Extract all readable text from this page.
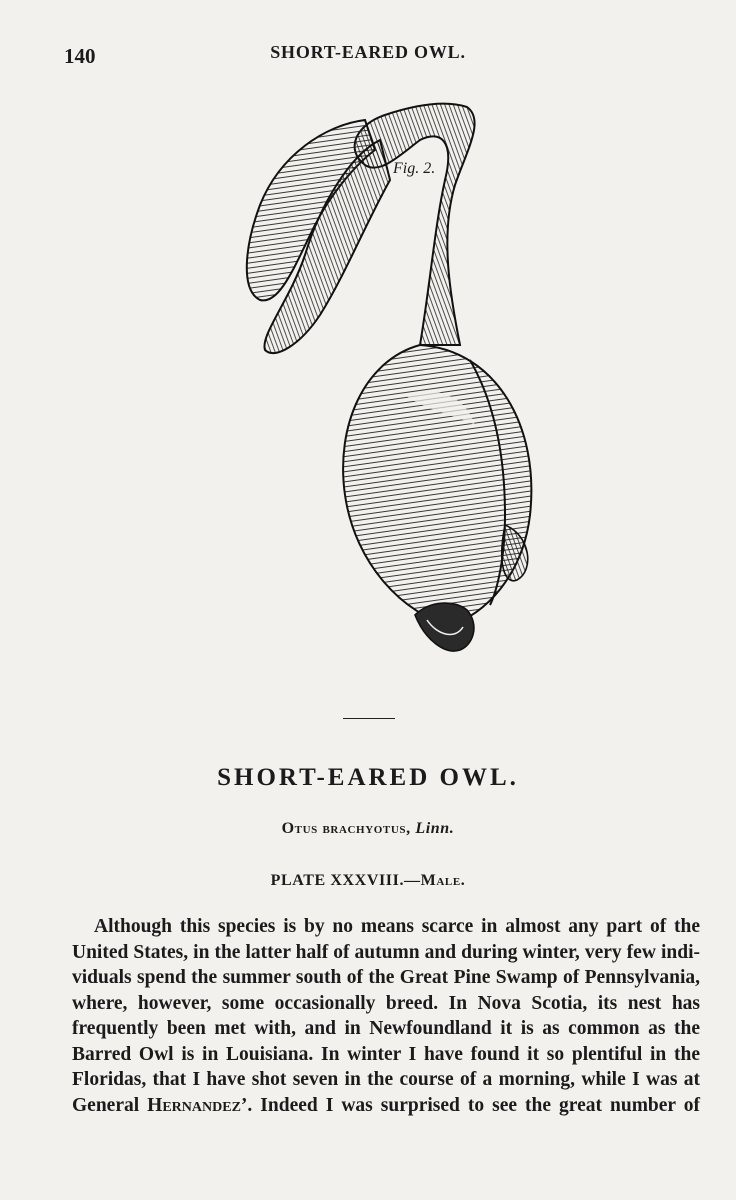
140	SHORT-EARED OWL.
Fig. 2.
SHORT-EARED OWL.
Otus brachyotus, Linn.
PLATE XXXVIII.—Male.
Although this species is by no means scarce in almost any part of the
United States, in the latter half of autumn and during winter, very few indi-
viduals spend the summer south of the Great Pine Swamp of Pennsylvania,
where, however, some occasionally breed. In Nova Scotia, its nest has
frequently been met with, and in Newfoundland it is as common as the
Barred Owl is in Louisiana. In winter I have found it so plentiful in the
Floridas, that I have shot seven in the course of a morning, while I was at
General Hernandez’. Indeed I was surprised to see the great number of
